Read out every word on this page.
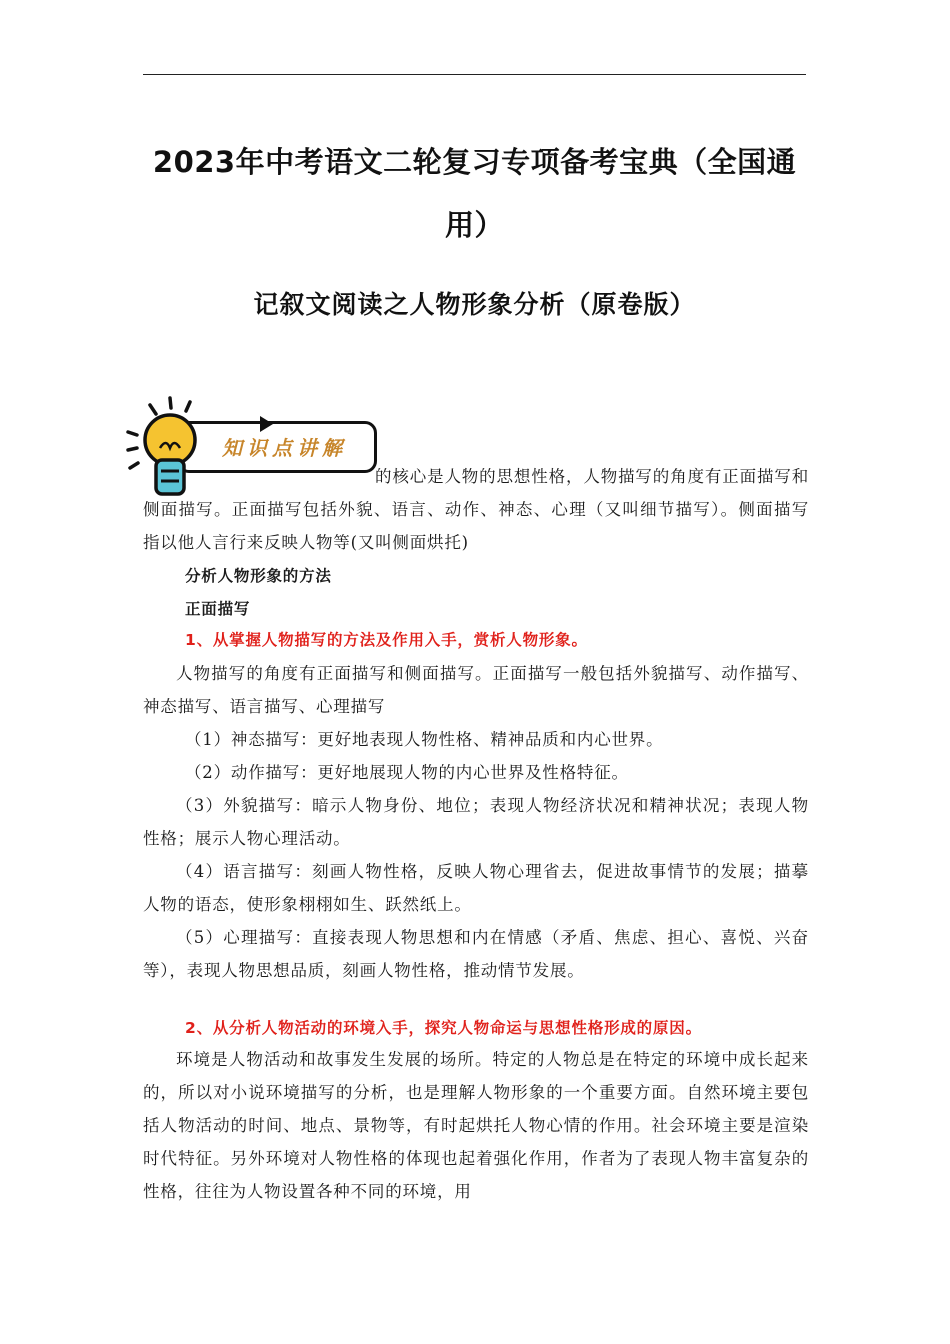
2023年中考语文二轮复习专项备考宝典（全国通
用）
记叙文阅读之人物形象分析（原卷版）
知识点讲解

的核心是人物的思想性格，人物描写的角度有正面描写和侧面描写。正面描写包括外貌、语言、动作、神态、心理（又叫细节描写）。侧面描写指以他人言行来反映人物等(又叫侧面烘托)

分析人物形象的方法
正面描写
1、从掌握人物描写的方法及作用入手，赏析人物形象。

人物描写的角度有正面描写和侧面描写。正面描写一般包括外貌描写、动作描写、神态描写、语言描写、心理描写

（1）神态描写：更好地表现人物性格、精神品质和内心世界。
（2）动作描写：更好地展现人物的内心世界及性格特征。

（3）外貌描写：暗示人物身份、地位；表现人物经济状况和精神状况；表现人物性格；展示人物心理活动。

（4）语言描写：刻画人物性格，反映人物心理省去，促进故事情节的发展；描摹人物的语态，使形象栩栩如生、跃然纸上。

（5）心理描写：直接表现人物思想和内在情感（矛盾、焦虑、担心、喜悦、兴奋等），表现人物思想品质，刻画人物性格，推动情节发展。

2、从分析人物活动的环境入手，探究人物命运与思想性格形成的原因。

环境是人物活动和故事发生发展的场所。特定的人物总是在特定的环境中成长起来的，所以对小说环境描写的分析，也是理解人物形象的一个重要方面。自然环境主要包括人物活动的时间、地点、景物等，有时起烘托人物心情的作用。社会环境主要是渲染时代特征。另外环境对人物性格的体现也起着强化作用，作者为了表现人物丰富复杂的性格，往往为人物设置各种不同的环境，用
